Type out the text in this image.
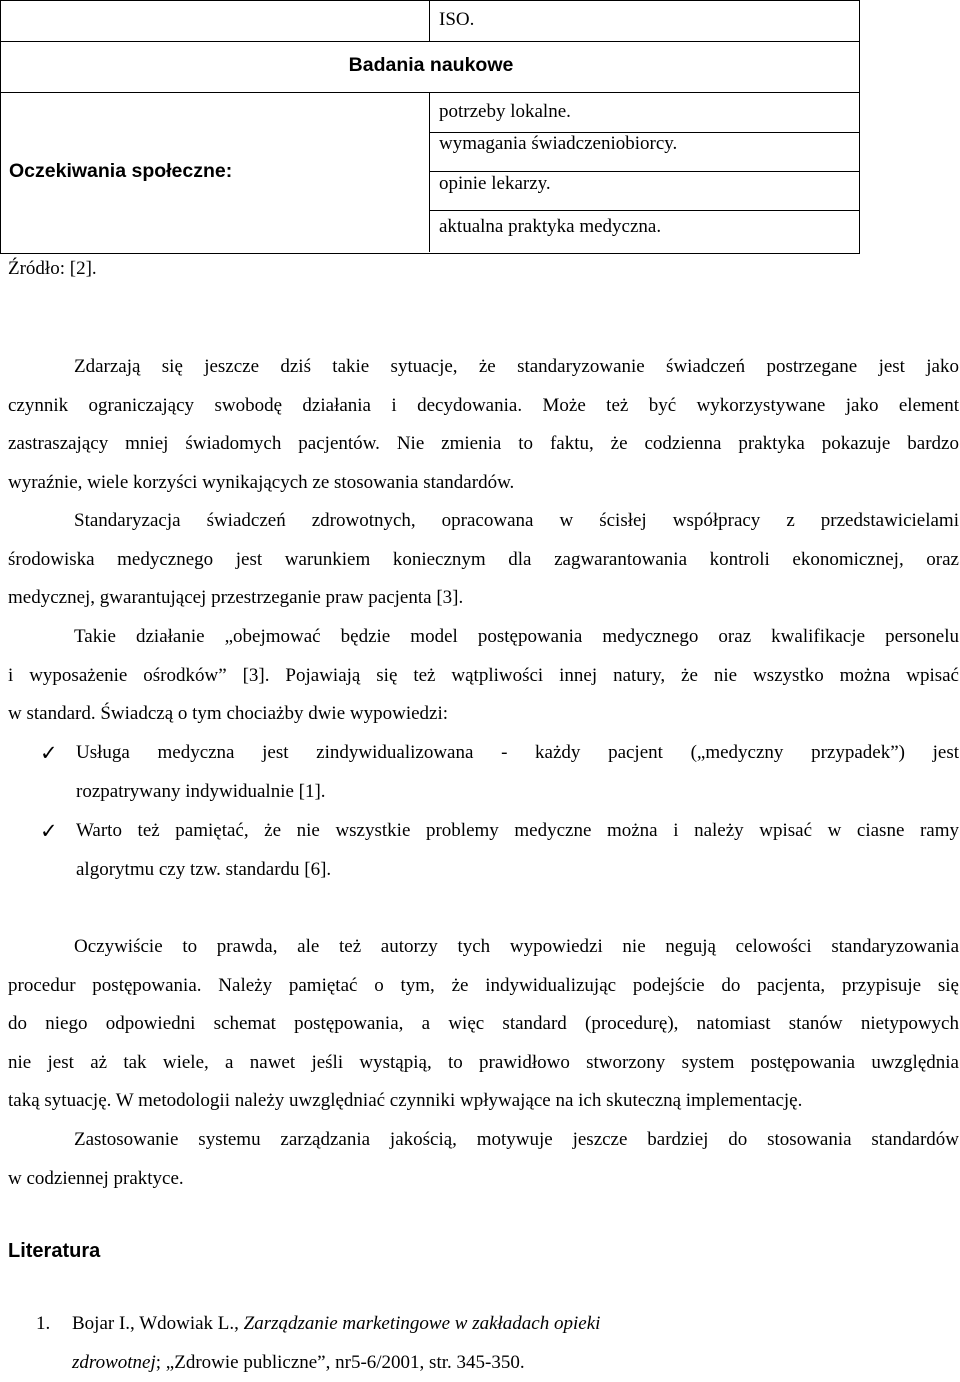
ISO.
Badania naukowe
Oczekiwania społeczne:
potrzeby lokalne.
wymagania świadczeniobiorcy.
opinie lekarzy.
aktualna praktyka medyczna.
Źródło: [2].
Zdarzają się jeszcze dziś takie sytuacje, że standaryzowanie świadczeń postrzegane jest jako
czynnik ograniczający swobodę działania i decydowania. Może też być wykorzystywane jako element
zastraszający mniej świadomych pacjentów. Nie zmienia to faktu, że codzienna praktyka pokazuje bardzo
wyraźnie, wiele korzyści wynikających ze stosowania standardów.
Standaryzacja świadczeń zdrowotnych, opracowana w ścisłej współpracy z przedstawicielami
środowiska medycznego jest warunkiem koniecznym dla zagwarantowania kontroli ekonomicznej, oraz
medycznej, gwarantującej przestrzeganie praw pacjenta [3].
Takie działanie „obejmować będzie model postępowania medycznego oraz kwalifikacje personelu
i wyposażenie ośrodków” [3]. Pojawiają się też wątpliwości innej natury, że nie wszystko można wpisać
w standard. Świadczą o tym chociażby dwie wypowiedzi:
✓ Usługa medyczna jest zindywidualizowana - każdy pacjent („medyczny przypadek”) jest
rozpatrywany indywidualnie [1].
✓ Warto też pamiętać, że nie wszystkie problemy medyczne można i należy wpisać w ciasne ramy
algorytmu czy tzw. standardu [6].
Oczywiście to prawda, ale też autorzy tych wypowiedzi nie negują celowości standaryzowania
procedur postępowania. Należy pamiętać o tym, że indywidualizując podejście do pacjenta, przypisuje się
do niego odpowiedni schemat postępowania, a więc standard (procedurę), natomiast stanów nietypowych
nie jest aż tak wiele, a nawet jeśli wystąpią, to prawidłowo stworzony system postępowania uwzględnia
taką sytuację. W metodologii należy uwzględniać czynniki wpływające na ich skuteczną implementację.
Zastosowanie systemu zarządzania jakością, motywuje jeszcze bardziej do stosowania standardów
w codziennej praktyce.
Literatura
1. Bojar I., Wdowiak L., Zarządzanie marketingowe w zakładach opieki
zdrowotnej; „Zdrowie publiczne”, nr5-6/2001, str. 345-350.
